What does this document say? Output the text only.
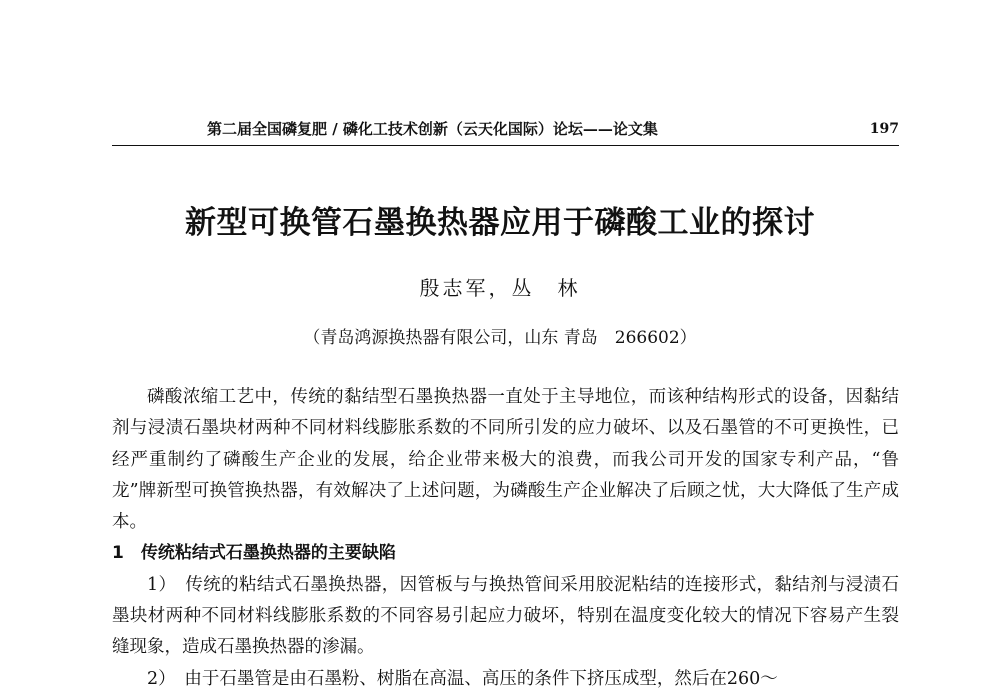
第二届全国磷复肥 / 磷化工技术创新（云天化国际）论坛——论文集	197
新型可换管石墨换热器应用于磷酸工业的探讨
殷志军，丛　林
（青岛鸿源换热器有限公司，山东 青岛　266602）

磷酸浓缩工艺中，传统的黏结型石墨换热器一直处于主导地位，而该种结构形式的设备，因黏结剂与浸渍石墨块材两种不同材料线膨胀系数的不同所引发的应力破坏、以及石墨管的不可更换性，已经严重制约了磷酸生产企业的发展，给企业带来极大的浪费，而我公司开发的国家专利产品，“鲁龙”牌新型可换管换热器，有效解决了上述问题，为磷酸生产企业解决了后顾之忧，大大降低了生产成本。

1　传统粘结式石墨换热器的主要缺陷

1）　传统的粘结式石墨换热器，因管板与与换热管间采用胶泥粘结的连接形式，黏结剂与浸渍石墨块材两种不同材料线膨胀系数的不同容易引起应力破坏，特别在温度变化较大的情况下容易产生裂缝现象，造成石墨换热器的渗漏。

2）　由于石墨管是由石墨粉、树脂在高温、高压的条件下挤压成型，然后在260～
